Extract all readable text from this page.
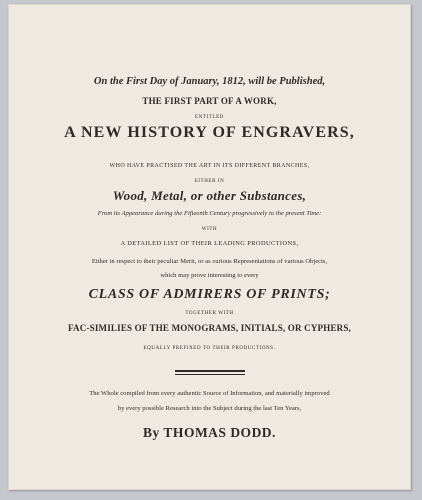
On the First Day of January, 1812, will be Published,
THE FIRST PART OF A WORK,
ENTITLED
A NEW HISTORY OF ENGRAVERS,
WHO HAVE PRACTISED THE ART IN ITS DIFFERENT BRANCHES,
EITHER IN
Wood, Metal, or other Substances,
From its Appearance during the Fifteenth Century progressively to the present Time:
WITH
A DETAILED LIST OF THEIR LEADING PRODUCTIONS,
Either in respect to their peculiar Merit, or as curious Representations of various Objects,
which may prove interesting to every
CLASS OF ADMIRERS OF PRINTS;
TOGETHER WITH
FAC-SIMILIES OF THE MONOGRAMS, INITIALS, OR CYPHERS,
EQUALLY PREFIXED TO THEIR PRODUCTIONS.
The Whole compiled from every authentic Source of Information, and materially improved
by every possible Research into the Subject during the last Ten Years,
By THOMAS DODD.
